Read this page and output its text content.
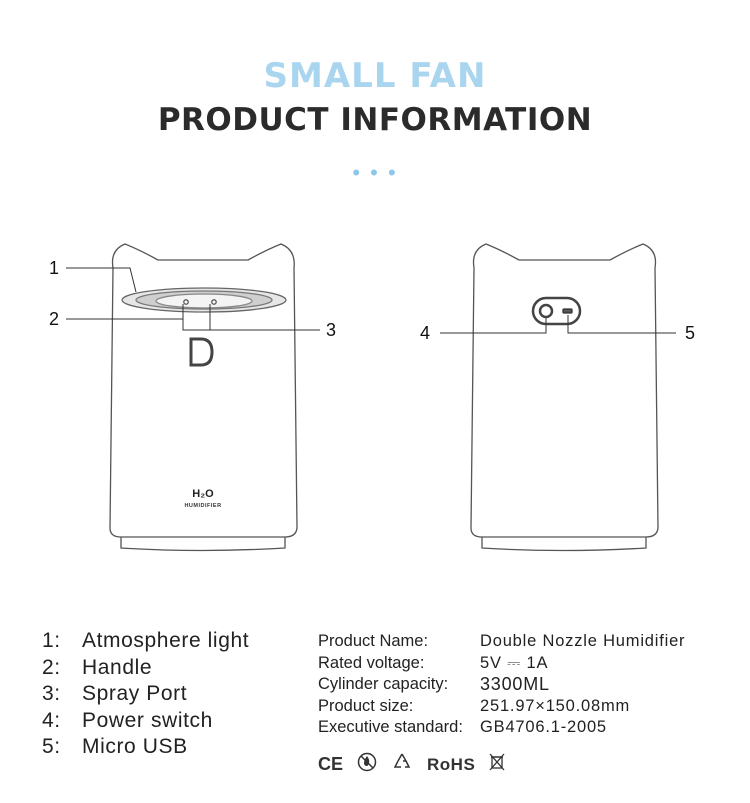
SMALL FAN
PRODUCT INFORMATION
• • •
H₂O
HUMIDIFIER
1
2
3	4	5
1:	Atmosphere light
2:	Handle
3:	Spray Port
4:	Power switch
5:	Micro USB
Product Name:	Double Nozzle Humidifier
Rated voltage:	5V ⎓ 1A
Cylinder capacity:	3300ML
Product size:	251.97×150.08mm
Executive standard:	GB4706.1-2005
CE	RoHS
